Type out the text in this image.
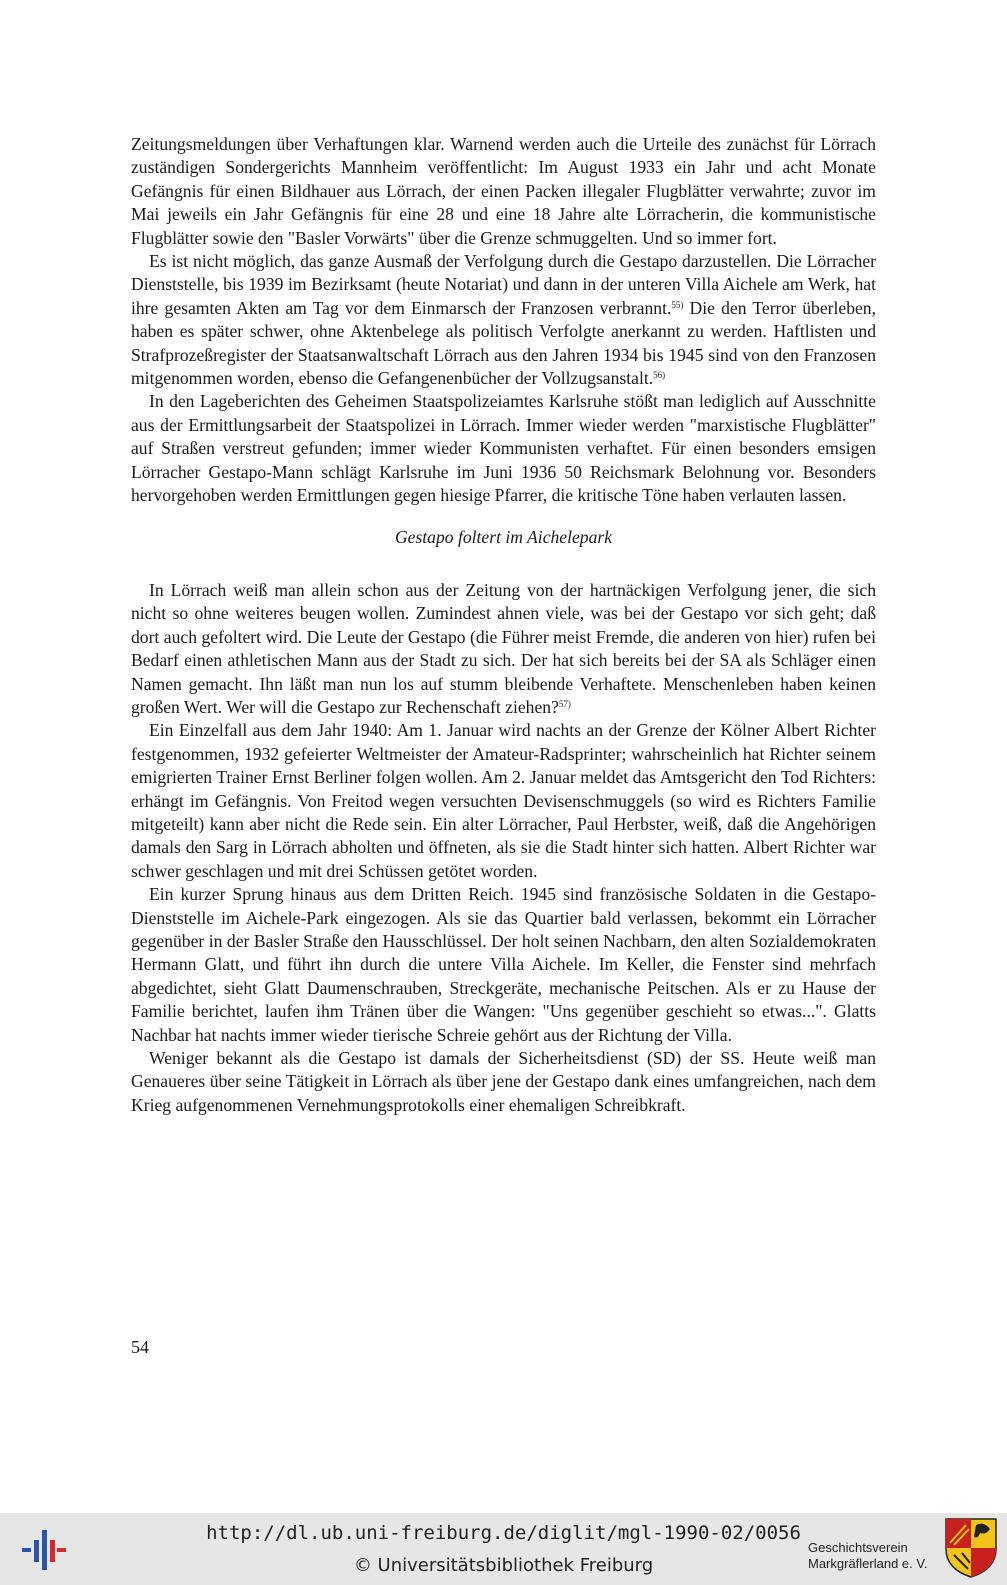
Zeitungsmeldungen über Verhaftungen klar. Warnend werden auch die Urteile des zunächst für Lörrach zuständigen Sondergerichts Mannheim veröffentlicht: Im August 1933 ein Jahr und acht Monate Gefängnis für einen Bildhauer aus Lörrach, der einen Packen illegaler Flugblätter verwahrte; zuvor im Mai jeweils ein Jahr Gefängnis für eine 28 und eine 18 Jahre alte Lörracherin, die kommunistische Flugblätter sowie den "Basler Vorwärts" über die Grenze schmuggelten. Und so immer fort.

Es ist nicht möglich, das ganze Ausmaß der Verfolgung durch die Gestapo darzustellen. Die Lörracher Dienststelle, bis 1939 im Bezirksamt (heute Notariat) und dann in der unteren Villa Aichele am Werk, hat ihre gesamten Akten am Tag vor dem Einmarsch der Franzosen verbrannt.$^{55)}$ Die den Terror überleben, haben es später schwer, ohne Aktenbelege als politisch Verfolgte anerkannt zu werden. Haftlisten und Strafprozeßregister der Staatsanwaltschaft Lörrach aus den Jahren 1934 bis 1945 sind von den Franzosen mitgenommen worden, ebenso die Gefangenenbücher der Vollzugsanstalt.$^{56)}$

In den Lageberichten des Geheimen Staatspolizeiamtes Karlsruhe stößt man lediglich auf Ausschnitte aus der Ermittlungsarbeit der Staatspolizei in Lörrach. Immer wieder werden "marxistische Flugblätter" auf Straßen verstreut gefunden; immer wieder Kommunisten verhaftet. Für einen besonders emsigen Lörracher Gestapo-Mann schlägt Karlsruhe im Juni 1936 50 Reichsmark Belohnung vor. Besonders hervorgehoben werden Ermittlungen gegen hiesige Pfarrer, die kritische Töne haben verlauten lassen.

Gestapo foltert im Aichelepark

In Lörrach weiß man allein schon aus der Zeitung von der hartnäckigen Verfolgung jener, die sich nicht so ohne weiteres beugen wollen. Zumindest ahnen viele, was bei der Gestapo vor sich geht; daß dort auch gefoltert wird. Die Leute der Gestapo (die Führer meist Fremde, die anderen von hier) rufen bei Bedarf einen athletischen Mann aus der Stadt zu sich. Der hat sich bereits bei der SA als Schläger einen Namen gemacht. Ihn läßt man nun los auf stumm bleibende Verhaftete. Menschenleben haben keinen großen Wert. Wer will die Gestapo zur Rechenschaft ziehen?$^{57)}$

Ein Einzelfall aus dem Jahr 1940: Am 1. Januar wird nachts an der Grenze der Kölner Albert Richter festgenommen, 1932 gefeierter Weltmeister der Amateur-Radsprinter; wahrscheinlich hat Richter seinem emigrierten Trainer Ernst Berliner folgen wollen. Am 2. Januar meldet das Amtsgericht den Tod Richters: erhängt im Gefängnis. Von Freitod wegen versuchten Devisenschmuggels (so wird es Richters Familie mitgeteilt) kann aber nicht die Rede sein. Ein alter Lörracher, Paul Herbster, weiß, daß die Angehörigen damals den Sarg in Lörrach abholten und öffneten, als sie die Stadt hinter sich hatten. Albert Richter war schwer geschlagen und mit drei Schüssen getötet worden.

Ein kurzer Sprung hinaus aus dem Dritten Reich. 1945 sind französische Soldaten in die Gestapo-Dienststelle im Aichele-Park eingezogen. Als sie das Quartier bald verlassen, bekommt ein Lörracher gegenüber in der Basler Straße den Hausschlüssel. Der holt seinen Nachbarn, den alten Sozialdemokraten Hermann Glatt, und führt ihn durch die untere Villa Aichele. Im Keller, die Fenster sind mehrfach abgedichtet, sieht Glatt Daumenschrauben, Streckgeräte, mechanische Peitschen. Als er zu Hause der Familie berichtet, laufen ihm Tränen über die Wangen: "Uns gegenüber geschieht so etwas...". Glatts Nachbar hat nachts immer wieder tierische Schreie gehört aus der Richtung der Villa.

Weniger bekannt als die Gestapo ist damals der Sicherheitsdienst (SD) der SS. Heute weiß man Genaueres über seine Tätigkeit in Lörrach als über jene der Gestapo dank eines umfangreichen, nach dem Krieg aufgenommenen Vernehmungsprotokolls einer ehemaligen Schreibkraft.

54
http://dl.ub.uni-freiburg.de/diglit/mgl-1990-02/0056
© Universitätsbibliothek Freiburg
Geschichtsverein
Markgräflerland e. V.
